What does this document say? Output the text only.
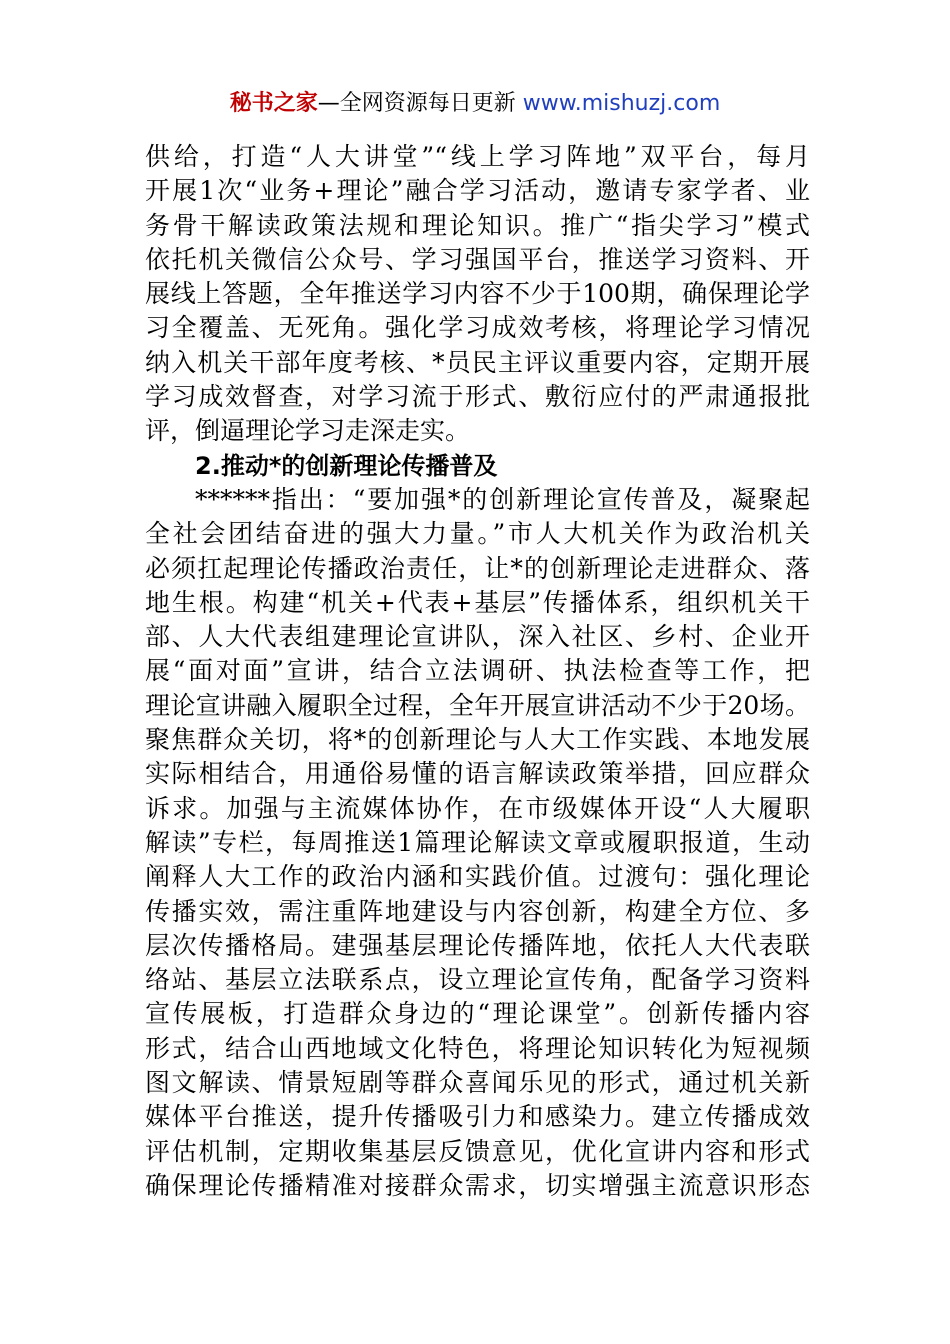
秘书之家—全网资源每日更新 www.mishuzj.com
供给，打造“人大讲堂”“线上学习阵地”双平台，每月
开展1次“业务+理论”融合学习活动，邀请专家学者、业
务骨干解读政策法规和理论知识。推广“指尖学习”模式
依托机关微信公众号、学习强国平台，推送学习资料、开
展线上答题，全年推送学习内容不少于100期，确保理论学
习全覆盖、无死角。强化学习成效考核，将理论学习情况
纳入机关干部年度考核、*员民主评议重要内容，定期开展
学习成效督查，对学习流于形式、敷衍应付的严肃通报批
评，倒逼理论学习走深走实。
2.推动*的创新理论传播普及
******指出：“要加强*的创新理论宣传普及，凝聚起
全社会团结奋进的强大力量。”市人大机关作为政治机关
必须扛起理论传播政治责任，让*的创新理论走进群众、落
地生根。构建“机关+代表+基层”传播体系，组织机关干
部、人大代表组建理论宣讲队，深入社区、乡村、企业开
展“面对面”宣讲，结合立法调研、执法检查等工作，把
理论宣讲融入履职全过程，全年开展宣讲活动不少于20场。
聚焦群众关切，将*的创新理论与人大工作实践、本地发展
实际相结合，用通俗易懂的语言解读政策举措，回应群众
诉求。加强与主流媒体协作，在市级媒体开设“人大履职
解读”专栏，每周推送1篇理论解读文章或履职报道，生动
阐释人大工作的政治内涵和实践价值。过渡句：强化理论
传播实效，需注重阵地建设与内容创新，构建全方位、多
层次传播格局。建强基层理论传播阵地，依托人大代表联
络站、基层立法联系点，设立理论宣传角，配备学习资料
宣传展板，打造群众身边的“理论课堂”。创新传播内容
形式，结合山西地域文化特色，将理论知识转化为短视频
图文解读、情景短剧等群众喜闻乐见的形式，通过机关新
媒体平台推送，提升传播吸引力和感染力。建立传播成效
评估机制，定期收集基层反馈意见，优化宣讲内容和形式
确保理论传播精准对接群众需求，切实增强主流意识形态
